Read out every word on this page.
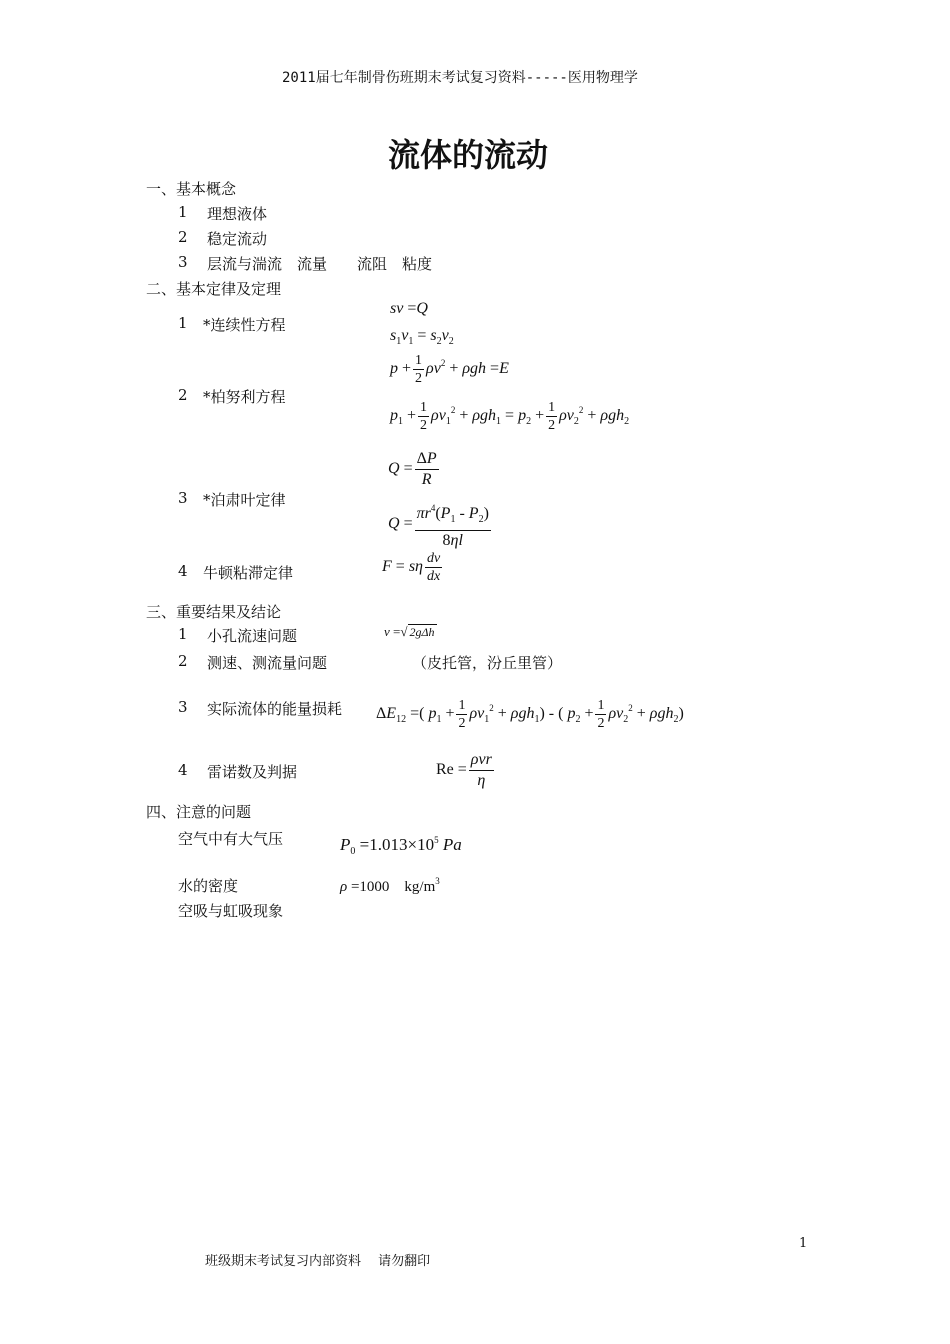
2011届七年制骨伤班期末考试复习资料-----医用物理学
流体的流动
一、基本概念
1 理想液体
2 稳定流动
3 层流与湍流　流量　　流阻　粘度
二、基本定律及定理
1 *连续性方程
sv =Q
$s_1v_1 = s_2v_2$
2 *柏努利方程
$p + \frac{1}{2} \rho v^2 + \rho gh =E$
$p_1 + \frac{1}{2} \rho v_1^2 + \rho gh_1 = p_2 + \frac{1}{2} \rho v_2^2 + \rho gh_2$
3 *泊肃叶定律
$Q = \frac{\Delta P}{R}$
$Q = \frac{\pi r^4(P_1 - P_2)}{8\eta l}$
4 牛顿粘滞定律	F = sη $\frac{dv}{dx}$
三、重要结果及结论
1 小孔流速问题	v =√ 2gΔh
2 测速、测流量问题	（皮托管，汾丘里管）
3 实际流体的能量损耗 $\Delta E_{12}$ =( $p_1 + \frac{1}{2} \rho v_1^2 + \rho gh_1$) - ( $p_2 + \frac{1}{2} \rho v_2^2 + \rho gh_2$)
4 雷诺数及判据	$Re = \frac{\text{ρvr}}{\eta}$
四、注意的问题
空气中有大气压	$P_0 =1.013\times 10^5$ Pa
水的密度	ρ =1000　$kg/m^3$
空吸与虹吸现象
1
班级期末考试复习内部资料　 请勿翻印
